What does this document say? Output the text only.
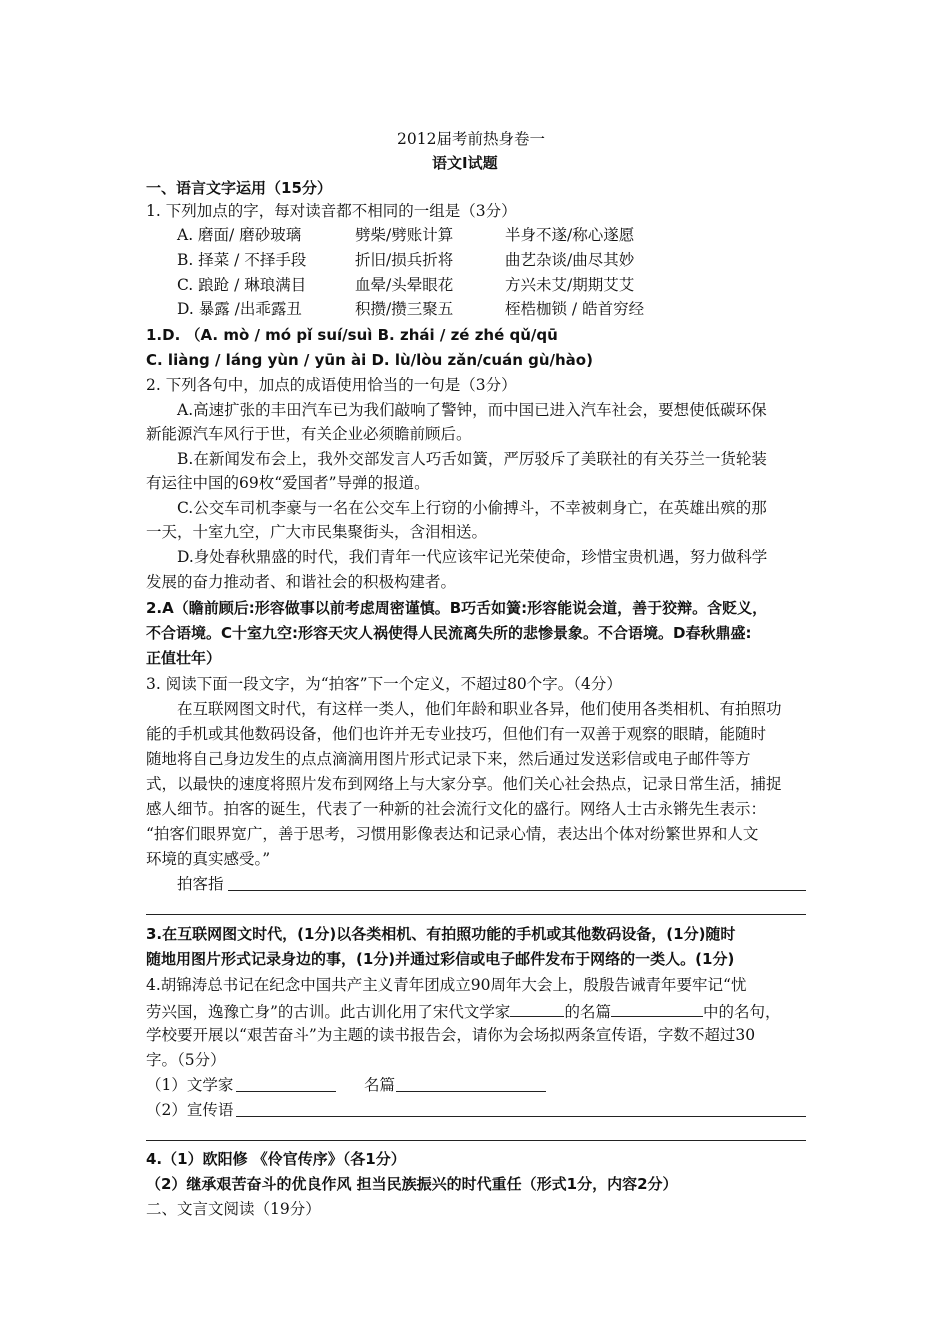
2012届考前热身卷一
语文Ⅰ试题
一、语言文字运用（15分）
1. 下列加点的字，每对读音都不相同的一组是（3分）
A. 磨面/ 磨砂玻璃	劈柴/劈账计算	半身不遂/称心遂愿
B. 择菜 / 不择手段	折旧/损兵折将	曲艺杂谈/曲尽其妙
C. 踉跄 / 琳琅满目	血晕/头晕眼花	方兴未艾/期期艾艾
D. 暴露 /出乖露丑	积攒/攒三聚五	桎梏枷锁 / 皓首穷经
1.D. （A. mò / mó pǐ suí/suì B. zhái / zé zhé qǔ/qū
C. liàng / láng yùn / yūn ài D. lù/lòu zǎn/cuán gù/hào)
2. 下列各句中，加点的成语使用恰当的一句是（3分）
A.高速扩张的丰田汽车已为我们敲响了警钟，而中国已进入汽车社会，要想使低碳环保
新能源汽车风行于世，有关企业必须瞻前顾后。
B.在新闻发布会上，我外交部发言人巧舌如簧，严厉驳斥了美联社的有关芬兰一货轮装
有运往中国的69枚“爱国者”导弹的报道。
C.公交车司机李豪与一名在公交车上行窃的小偷搏斗，不幸被刺身亡，在英雄出殡的那
一天，十室九空，广大市民集聚街头，含泪相送。
D.身处春秋鼎盛的时代，我们青年一代应该牢记光荣使命，珍惜宝贵机遇，努力做科学
发展的奋力推动者、和谐社会的积极构建者。
2.A（瞻前顾后:形容做事以前考虑周密谨慎。B巧舌如簧:形容能说会道，善于狡辩。含贬义，
不合语境。C十室九空:形容天灾人祸使得人民流离失所的悲惨景象。不合语境。D春秋鼎盛:
正值壮年）
3. 阅读下面一段文字，为“拍客”下一个定义，不超过80个字。（4分）
在互联网图文时代，有这样一类人，他们年龄和职业各异，他们使用各类相机、有拍照功
能的手机或其他数码设备，他们也许并无专业技巧，但他们有一双善于观察的眼睛，能随时
随地将自己身边发生的点点滴滴用图片形式记录下来，然后通过发送彩信或电子邮件等方
式，以最快的速度将照片发布到网络上与大家分享。他们关心社会热点，记录日常生活，捕捉
感人细节。拍客的诞生，代表了一种新的社会流行文化的盛行。网络人士古永锵先生表示：
“拍客们眼界宽广，善于思考，习惯用影像表达和记录心情，表达出个体对纷繁世界和人文
环境的真实感受。”
拍客指
3.在互联网图文时代，(1分)以各类相机、有拍照功能的手机或其他数码设备，(1分)随时
随地用图片形式记录身边的事，(1分)并通过彩信或电子邮件发布于网络的一类人。(1分)
4.胡锦涛总书记在纪念中国共产主义青年团成立90周年大会上，殷殷告诫青年要牢记“忧
劳兴国，逸豫亡身”的古训。此古训化用了宋代文学家	的名篇	中的名句，
学校要开展以“艰苦奋斗”为主题的读书报告会，请你为会场拟两条宣传语，字数不超过30
字。（5分）
（1）文学家	名篇
（2）宣传语
4.（1）欧阳修 《伶官传序》（各1分）
（2）继承艰苦奋斗的优良作风 担当民族振兴的时代重任（形式1分，内容2分）
二、文言文阅读（19分）
